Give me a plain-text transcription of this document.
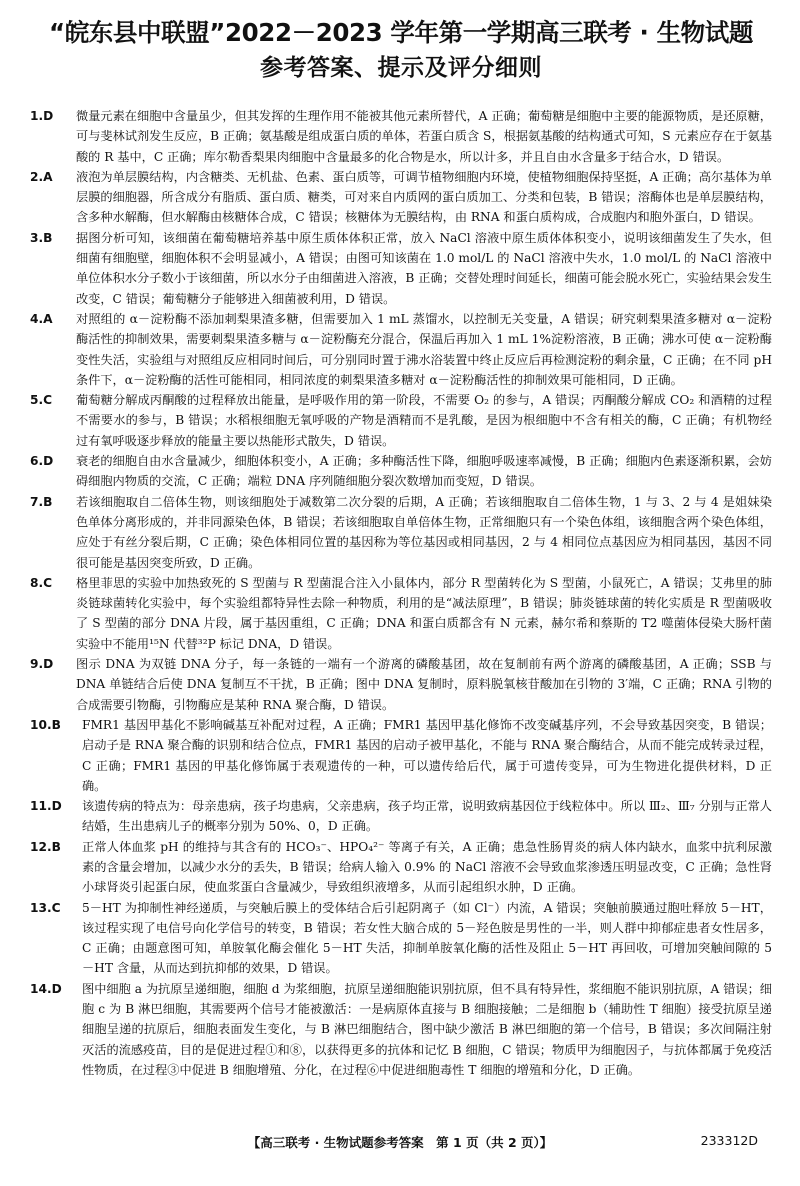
“皖东县中联盟”2022－2023 学年第一学期高三联考 · 生物试题
参考答案、提示及评分细则
1.D	微量元素在细胞中含量虽少，但其发挥的生理作用不能被其他元素所替代，A 正确；葡萄糖是细胞中主要的能源物质，是还原糖，可与斐林试剂发生反应，B 正确；氨基酸是组成蛋白质的单体，若蛋白质含 S，根据氨基酸的结构通式可知，S 元素应存在于氨基酸的 R 基中，C 正确；库尔勒香梨果肉细胞中含量最多的化合物是水，所以计多，并且自由水含量多于结合水，D 错误。
2.A	液泡为单层膜结构，内含糖类、无机盐、色素、蛋白质等，可调节植物细胞内环境，使植物细胞保持坚挺，A 正确；高尔基体为单层膜的细胞器，所含成分有脂质、蛋白质、糖类，可对来自内质网的蛋白质加工、分类和包装，B 错误；溶酶体也是单层膜结构，含多种水解酶，但水解酶由核糖体合成，C 错误；核糖体为无膜结构，由 RNA 和蛋白质构成，合成胞内和胞外蛋白，D 错误。
3.B	据图分析可知，该细菌在葡萄糖培养基中原生质体体积正常，放入 NaCl 溶液中原生质体体积变小，说明该细菌发生了失水，但细菌有细胞壁，细胞体积不会明显减小，A 错误；由图可知该菌在 1.0 mol/L 的 NaCl 溶液中失水，1.0 mol/L 的 NaCl 溶液中单位体积水分子数小于该细菌，所以水分子由细菌进入溶液，B 正确；交替处理时间延长，细菌可能会脱水死亡，实验结果会发生改变，C 错误；葡萄糖分子能够进入细菌被利用，D 错误。
4.A	对照组的 α－淀粉酶不添加刺梨果渣多糖，但需要加入 1 mL 蒸馏水，以控制无关变量，A 错误；研究刺梨果渣多糖对 α－淀粉酶活性的抑制效果，需要刺梨果渣多糖与 α－淀粉酶充分混合，保温后再加入 1 mL 1%淀粉溶液，B 正确；沸水可使 α－淀粉酶变性失活，实验组与对照组反应相同时间后，可分别同时置于沸水浴装置中终止反应后再检测淀粉的剩余量，C 正确；在不同 pH 条件下，α－淀粉酶的活性可能相同，相同浓度的刺梨果渣多糖对 α－淀粉酶活性的抑制效果可能相同，D 正确。
5.C	葡萄糖分解成丙酮酸的过程释放出能量，是呼吸作用的第一阶段，不需要 O₂ 的参与，A 错误；丙酮酸分解成 CO₂ 和酒精的过程不需要水的参与，B 错误；水稻根细胞无氧呼吸的产物是酒精而不是乳酸，是因为根细胞中不含有相关的酶，C 正确；有机物经过有氧呼吸逐步释放的能量主要以热能形式散失，D 错误。
6.D	衰老的细胞自由水含量减少，细胞体积变小，A 正确；多种酶活性下降，细胞呼吸速率减慢，B 正确；细胞内色素逐渐积累，会妨碍细胞内物质的交流，C 正确；端粒 DNA 序列随细胞分裂次数增加而变短，D 错误。
7.B	若该细胞取自二倍体生物，则该细胞处于减数第二次分裂的后期，A 正确；若该细胞取自二倍体生物，1 与 3、2 与 4 是姐妹染色单体分离形成的，并非同源染色体，B 错误；若该细胞取自单倍体生物，正常细胞只有一个染色体组，该细胞含两个染色体组，应处于有丝分裂后期，C 正确；染色体相同位置的基因称为等位基因或相同基因，2 与 4 相同位点基因应为相同基因，基因不同很可能是基因突变所致，D 正确。
8.C	格里菲思的实验中加热致死的 S 型菌与 R 型菌混合注入小鼠体内，部分 R 型菌转化为 S 型菌，小鼠死亡，A 错误；艾弗里的肺炎链球菌转化实验中，每个实验组都特异性去除一种物质，利用的是“减法原理”，B 错误；肺炎链球菌的转化实质是 R 型菌吸收了 S 型菌的部分 DNA 片段，属于基因重组，C 正确；DNA 和蛋白质都含有 N 元素，赫尔希和蔡斯的 T2 噬菌体侵染大肠杆菌实验中不能用¹⁵N 代替³²P 标记 DNA，D 错误。
9.D	图示 DNA 为双链 DNA 分子，每一条链的一端有一个游离的磷酸基团，故在复制前有两个游离的磷酸基团，A 正确；SSB 与 DNA 单链结合后使 DNA 复制互不干扰，B 正确；图中 DNA 复制时，原料脱氧核苷酸加在引物的 3′端，C 正确；RNA 引物的合成需要引物酶，引物酶应是某种 RNA 聚合酶，D 错误。
10.B	FMR1 基因甲基化不影响碱基互补配对过程，A 正确；FMR1 基因甲基化修饰不改变碱基序列，不会导致基因突变，B 错误；启动子是 RNA 聚合酶的识别和结合位点，FMR1 基因的启动子被甲基化，不能与 RNA 聚合酶结合，从而不能完成转录过程，C 正确；FMR1 基因的甲基化修饰属于表观遗传的一种，可以遗传给后代，属于可遗传变异，可为生物进化提供材料，D 正确。
11.D	该遗传病的特点为：母亲患病，孩子均患病，父亲患病，孩子均正常，说明致病基因位于线粒体中。所以 Ⅲ₂、Ⅲ₇ 分别与正常人结婚，生出患病儿子的概率分别为 50%、0，D 正确。
12.B	正常人体血浆 pH 的维持与其含有的 HCO₃⁻、HPO₄²⁻ 等离子有关，A 正确；患急性肠胃炎的病人体内缺水，血浆中抗利尿激素的含量会增加，以减少水分的丢失，B 错误；给病人输入 0.9% 的 NaCl 溶液不会导致血浆渗透压明显改变，C 正确；急性肾小球肾炎引起蛋白尿，使血浆蛋白含量减少，导致组织液增多，从而引起组织水肿，D 正确。
13.C	5－HT 为抑制性神经递质，与突触后膜上的受体结合后引起阴离子（如 Cl⁻）内流，A 错误；突触前膜通过胞吐释放 5－HT，该过程实现了电信号向化学信号的转变，B 错误；若女性大脑合成的 5－羟色胺是男性的一半，则人群中抑郁症患者女性居多，C 正确；由题意图可知，单胺氧化酶会催化 5－HT 失活，抑制单胺氧化酶的活性及阻止 5－HT 再回收，可增加突触间隙的 5－HT 含量，从而达到抗抑郁的效果，D 错误。
14.D	图中细胞 a 为抗原呈递细胞，细胞 d 为浆细胞，抗原呈递细胞能识别抗原，但不具有特异性，浆细胞不能识别抗原，A 错误；细胞 c 为 B 淋巴细胞，其需要两个信号才能被激活：一是病原体直接与 B 细胞接触；二是细胞 b（辅助性 T 细胞）接受抗原呈递细胞呈递的抗原后，细胞表面发生变化，与 B 淋巴细胞结合，图中缺少激活 B 淋巴细胞的第一个信号，B 错误；多次间隔注射灭活的流感疫苗，目的是促进过程①和⑧，以获得更多的抗体和记忆 B 细胞，C 错误；物质甲为细胞因子，与抗体都属于免疫活性物质，在过程③中促进 B 细胞增殖、分化，在过程⑥中促进细胞毒性 T 细胞的增殖和分化，D 正确。
【高三联考 · 生物试题参考答案　第 1 页（共 2 页）】	233312D
